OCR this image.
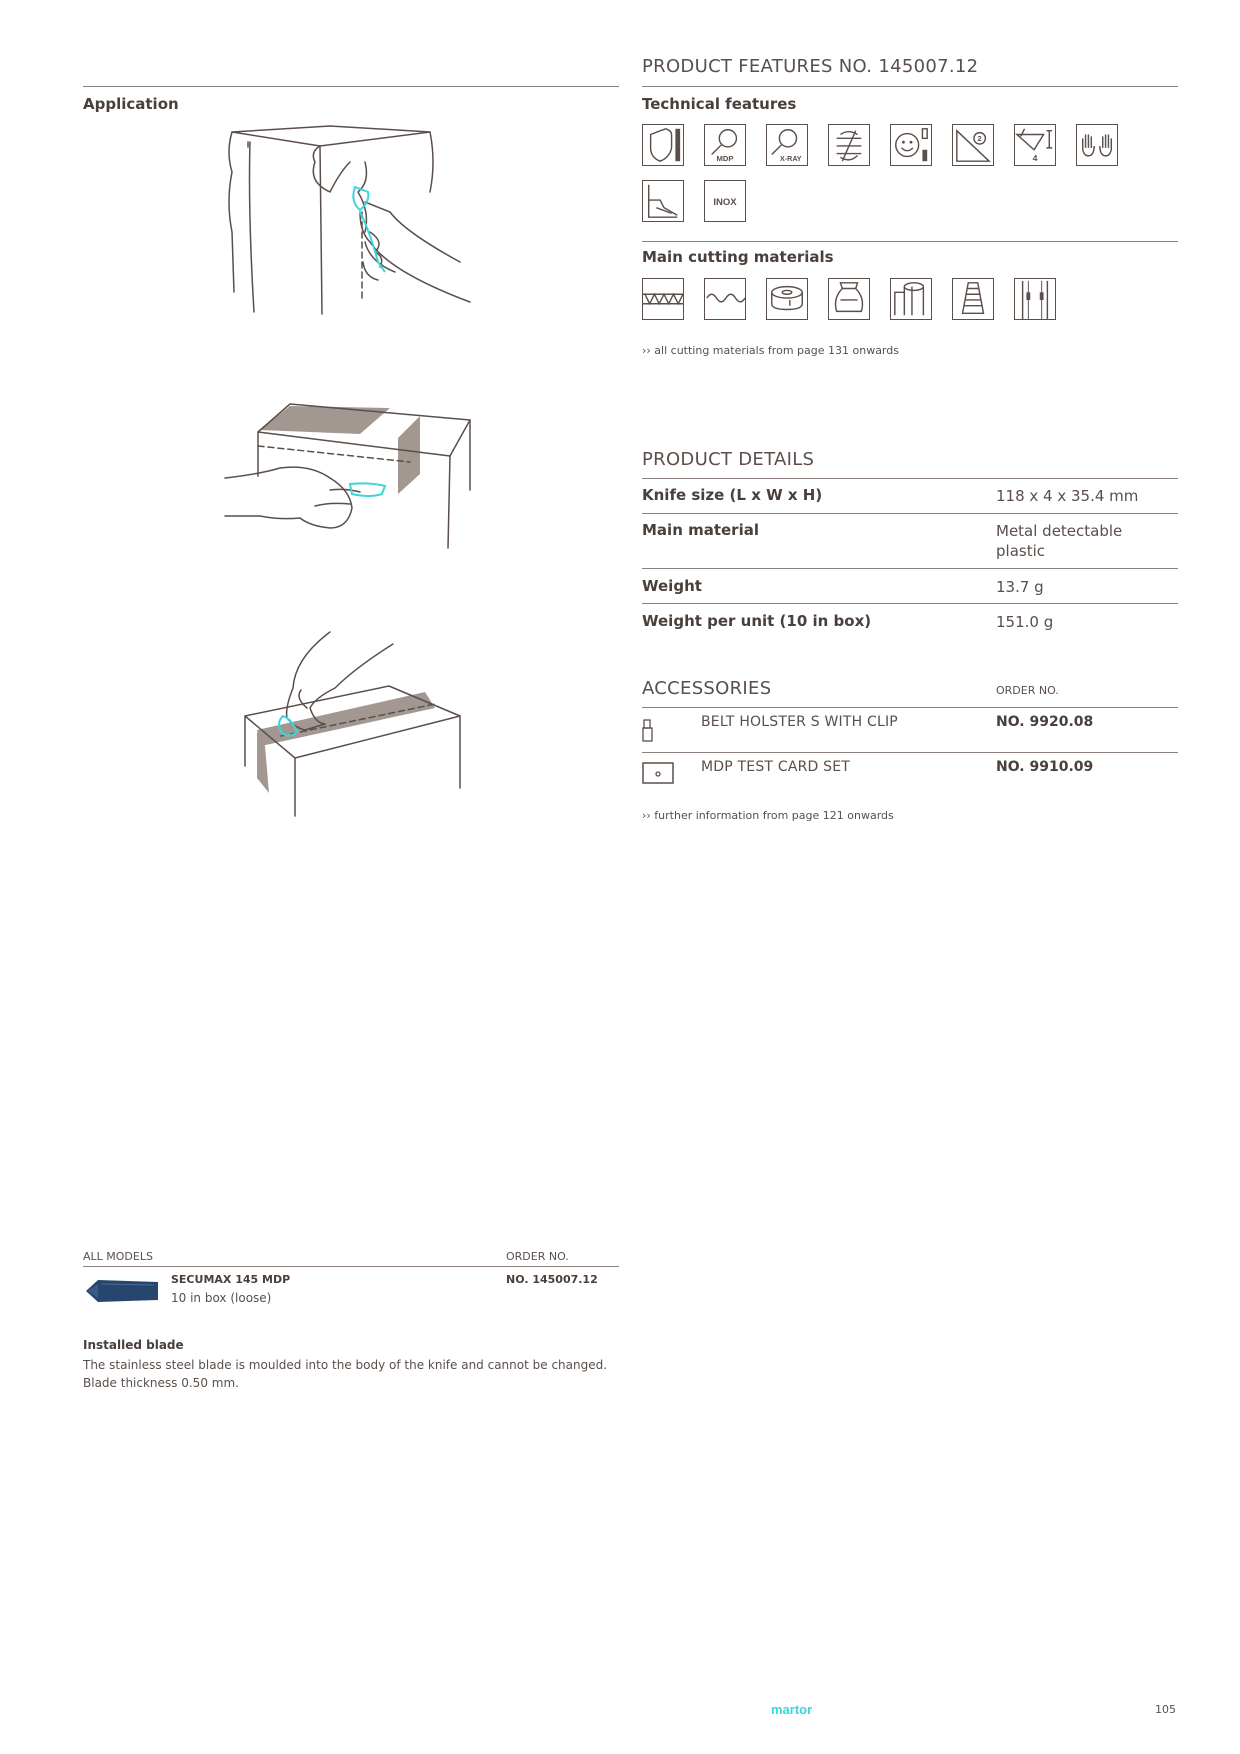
Application
PRODUCT FEATURES NO. 145007.12
Technical features
MDP	X-RAY
2
4
INOX
Main cutting materials
›› all cutting materials from page 131 onwards
PRODUCT DETAILS
Knife size (L x W x H)	118 x 4 x 35.4 mm
Main material	Metal detectable plastic
Weight	13.7 g
Weight per unit (10 in box)	151.0 g
ACCESSORIES	ORDER NO.
BELT HOLSTER S WITH CLIP	NO. 9920.08
MDP TEST CARD SET	NO. 9910.09
›› further information from page 121 onwards
ALL MODELS	ORDER NO.
SECUMAX 145 MDP
10 in box (loose)
NO. 145007.12
Installed blade
The stainless steel blade is moulded into the body of the knife and cannot be changed.
Blade thickness 0.50 mm.
martor	105
